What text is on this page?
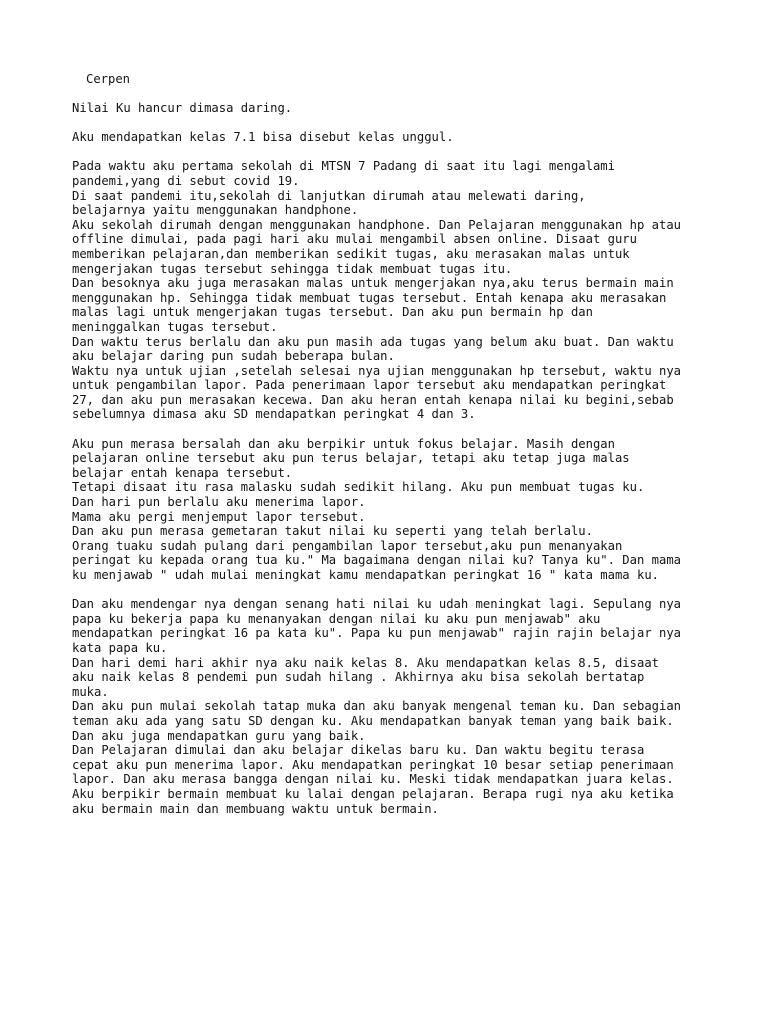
Cerpen

Nilai Ku hancur dimasa daring.

Aku mendapatkan kelas 7.1 bisa disebut kelas unggul.

Pada waktu aku pertama sekolah di MTSN 7 Padang di saat itu lagi mengalami
pandemi,yang di sebut covid 19.
Di saat pandemi itu,sekolah di lanjutkan dirumah atau melewati daring,
belajarnya yaitu menggunakan handphone.
Aku sekolah dirumah dengan menggunakan handphone. Dan Pelajaran menggunakan hp atau
offline dimulai, pada pagi hari aku mulai mengambil absen online. Disaat guru
memberikan pelajaran,dan memberikan sedikit tugas, aku merasakan malas untuk
mengerjakan tugas tersebut sehingga tidak membuat tugas itu.
Dan besoknya aku juga merasakan malas untuk mengerjakan nya,aku terus bermain main
menggunakan hp. Sehingga tidak membuat tugas tersebut. Entah kenapa aku merasakan
malas lagi untuk mengerjakan tugas tersebut. Dan aku pun bermain hp dan
meninggalkan tugas tersebut.
Dan waktu terus berlalu dan aku pun masih ada tugas yang belum aku buat. Dan waktu
aku belajar daring pun sudah beberapa bulan.
Waktu nya untuk ujian ,setelah selesai nya ujian menggunakan hp tersebut, waktu nya
untuk pengambilan lapor. Pada penerimaan lapor tersebut aku mendapatkan peringkat
27, dan aku pun merasakan kecewa. Dan aku heran entah kenapa nilai ku begini,sebab
sebelumnya dimasa aku SD mendapatkan peringkat 4 dan 3.

Aku pun merasa bersalah dan aku berpikir untuk fokus belajar. Masih dengan
pelajaran online tersebut aku pun terus belajar, tetapi aku tetap juga malas
belajar entah kenapa tersebut.
Tetapi disaat itu rasa malasku sudah sedikit hilang. Aku pun membuat tugas ku.
Dan hari pun berlalu aku menerima lapor.
Mama aku pergi menjemput lapor tersebut.
Dan aku pun merasa gemetaran takut nilai ku seperti yang telah berlalu.
Orang tuaku sudah pulang dari pengambilan lapor tersebut,aku pun menanyakan
peringat ku kepada orang tua ku." Ma bagaimana dengan nilai ku? Tanya ku". Dan mama
ku menjawab " udah mulai meningkat kamu mendapatkan peringkat 16 " kata mama ku.

Dan aku mendengar nya dengan senang hati nilai ku udah meningkat lagi. Sepulang nya
papa ku bekerja papa ku menanyakan dengan nilai ku aku pun menjawab" aku
mendapatkan peringkat 16 pa kata ku". Papa ku pun menjawab" rajin rajin belajar nya
kata papa ku.
Dan hari demi hari akhir nya aku naik kelas 8. Aku mendapatkan kelas 8.5, disaat
aku naik kelas 8 pendemi pun sudah hilang . Akhirnya aku bisa sekolah bertatap
muka.
Dan aku pun mulai sekolah tatap muka dan aku banyak mengenal teman ku. Dan sebagian
teman aku ada yang satu SD dengan ku. Aku mendapatkan banyak teman yang baik baik.
Dan aku juga mendapatkan guru yang baik.
Dan Pelajaran dimulai dan aku belajar dikelas baru ku. Dan waktu begitu terasa
cepat aku pun menerima lapor. Aku mendapatkan peringkat 10 besar setiap penerimaan
lapor. Dan aku merasa bangga dengan nilai ku. Meski tidak mendapatkan juara kelas.
Aku berpikir bermain membuat ku lalai dengan pelajaran. Berapa rugi nya aku ketika
aku bermain main dan membuang waktu untuk bermain.
